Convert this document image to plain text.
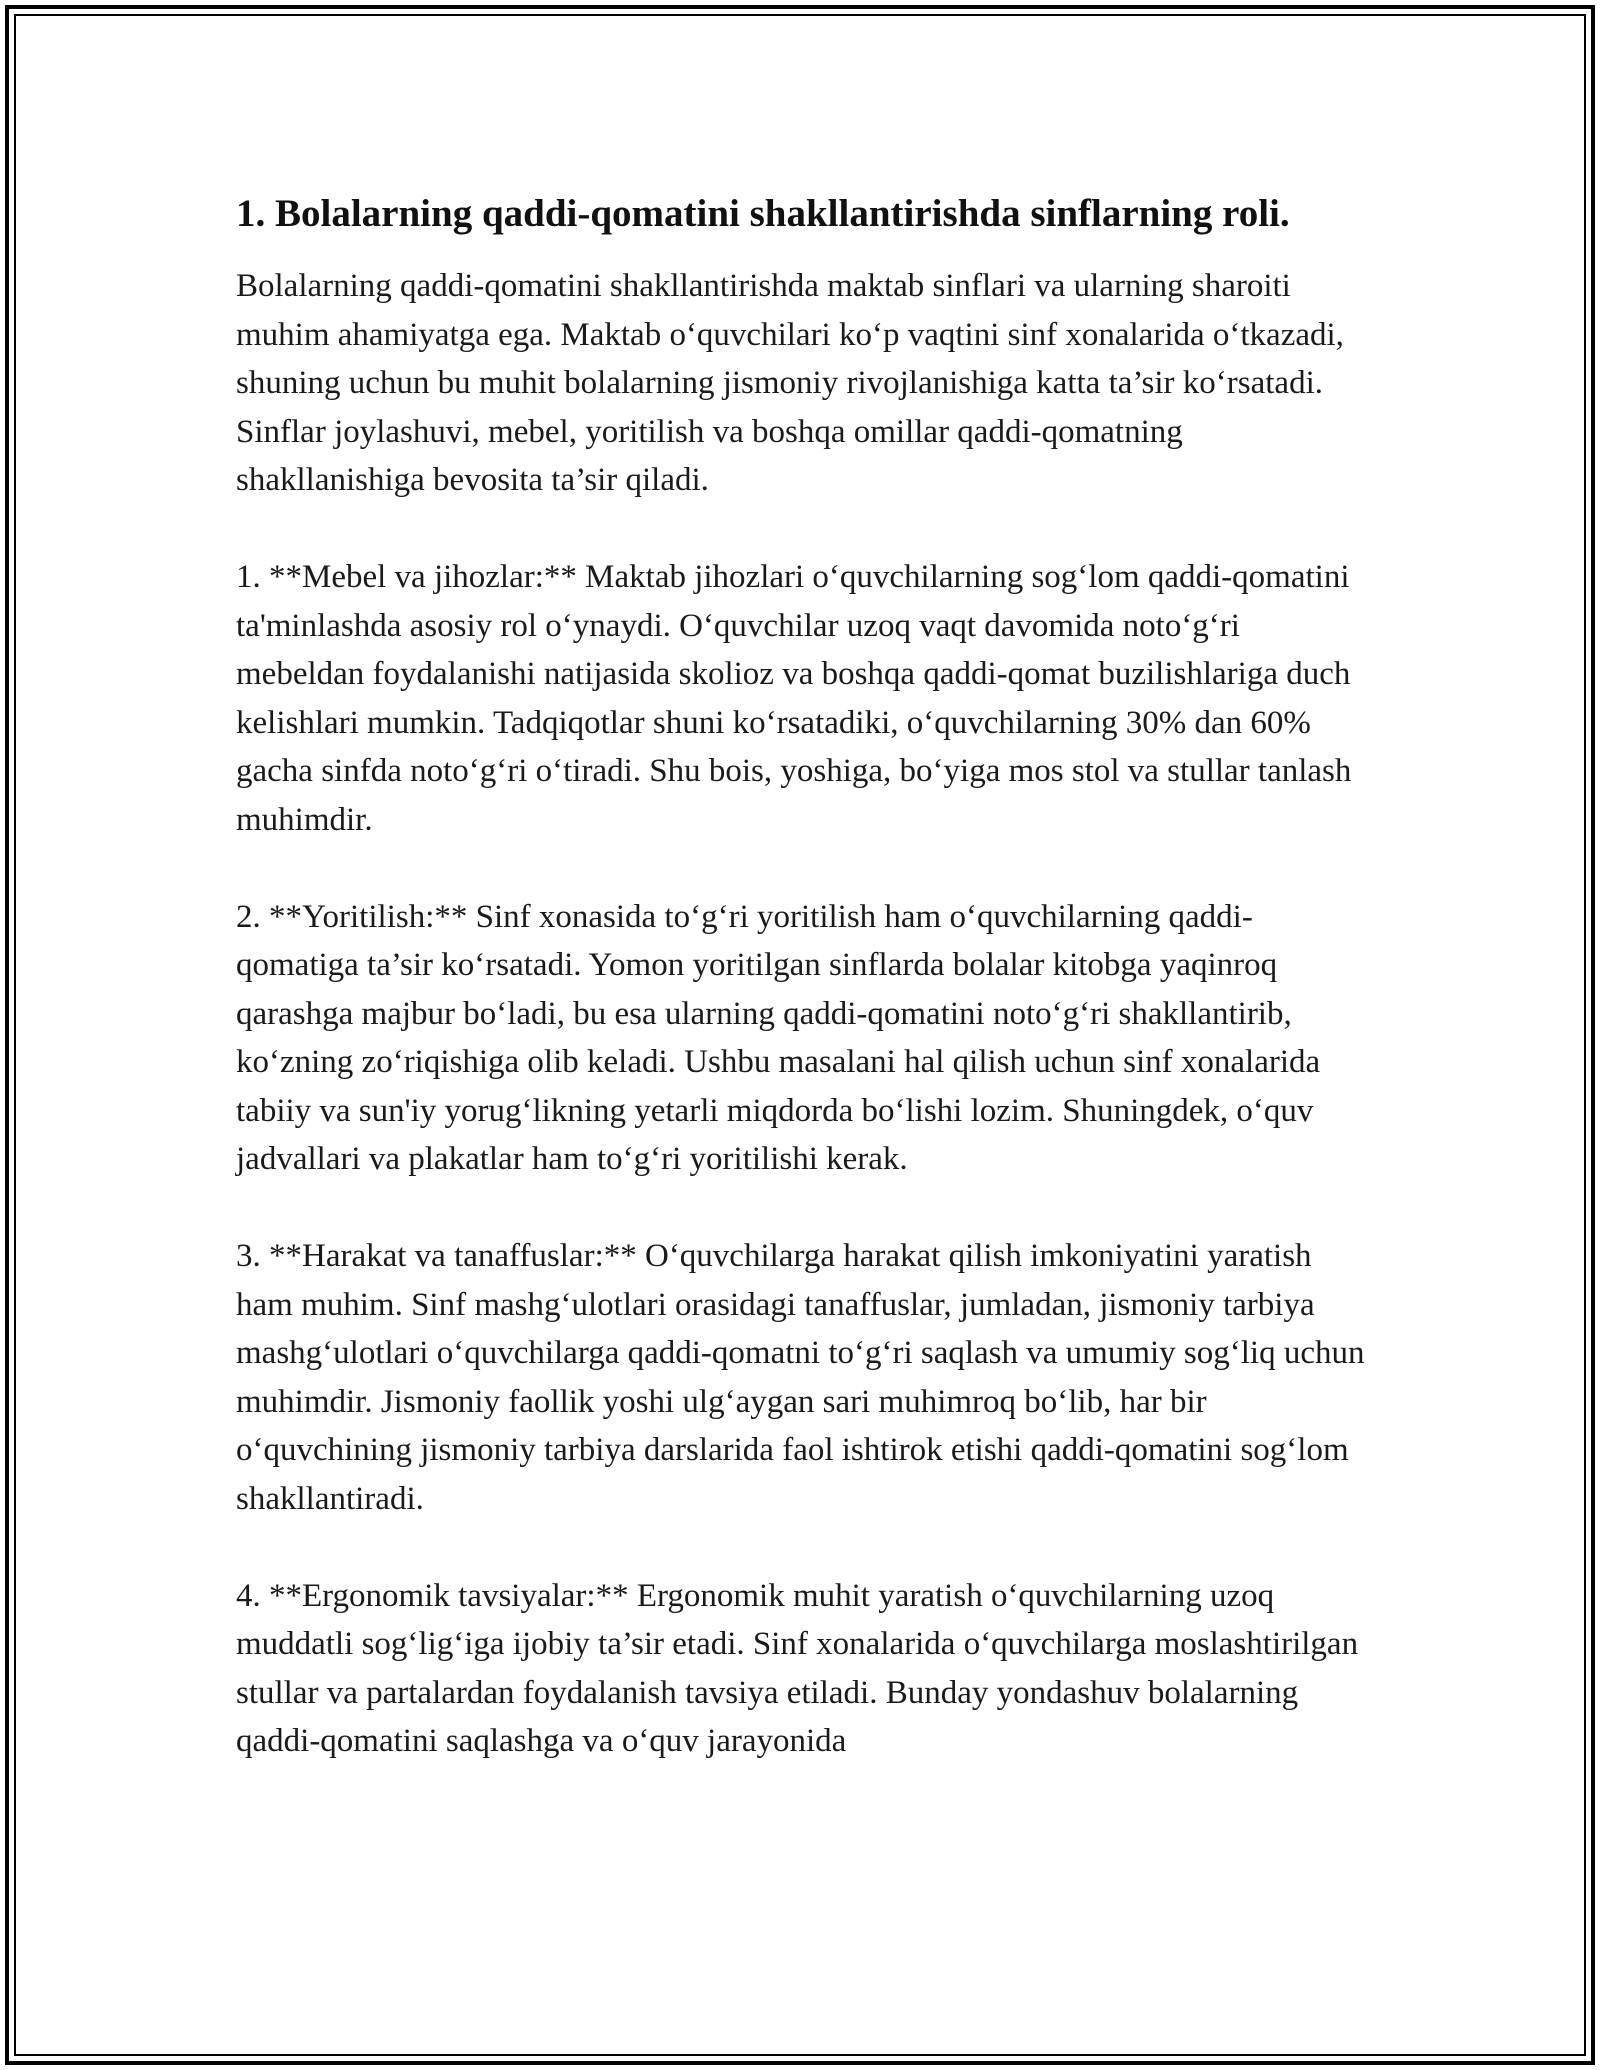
1. Bolalarning qaddi-qomatini shakllantirishda sinflarning roli.

Bolalarning qaddi-qomatini shakllantirishda maktab sinflari va ularning sharoiti muhim ahamiyatga ega. Maktab o‘quvchilari ko‘p vaqtini sinf xonalarida o‘tkazadi, shuning uchun bu muhit bolalarning jismoniy rivojlanishiga katta ta’sir ko‘rsatadi. Sinflar joylashuvi, mebel, yoritilish va boshqa omillar qaddi-qomatning shakllanishiga bevosita ta’sir qiladi.

1. **Mebel va jihozlar:** Maktab jihozlari o‘quvchilarning sog‘lom qaddi-qomatini ta'minlashda asosiy rol o‘ynaydi. O‘quvchilar uzoq vaqt davomida noto‘g‘ri mebeldan foydalanishi natijasida skolioz va boshqa qaddi-qomat buzilishlariga duch kelishlari mumkin. Tadqiqotlar shuni ko‘rsatadiki, o‘quvchilarning 30% dan 60% gacha sinfda noto‘g‘ri o‘tiradi. Shu bois, yoshiga, bo‘yiga mos stol va stullar tanlash muhimdir.

2. **Yoritilish:** Sinf xonasida to‘g‘ri yoritilish ham o‘quvchilarning qaddi-qomatiga ta’sir ko‘rsatadi. Yomon yoritilgan sinflarda bolalar kitobga yaqinroq qarashga majbur bo‘ladi, bu esa ularning qaddi-qomatini noto‘g‘ri shakllantirib, ko‘zning zo‘riqishiga olib keladi. Ushbu masalani hal qilish uchun sinf xonalarida tabiiy va sun'iy yorug‘likning yetarli miqdorda bo‘lishi lozim. Shuningdek, o‘quv jadvallari va plakatlar ham to‘g‘ri yoritilishi kerak.

3. **Harakat va tanaffuslar:** O‘quvchilarga harakat qilish imkoniyatini yaratish ham muhim. Sinf mashg‘ulotlari orasidagi tanaffuslar, jumladan, jismoniy tarbiya mashg‘ulotlari o‘quvchilarga qaddi-qomatni to‘g‘ri saqlash va umumiy sog‘liq uchun muhimdir. Jismoniy faollik yoshi ulg‘aygan sari muhimroq bo‘lib, har bir o‘quvchining jismoniy tarbiya darslarida faol ishtirok etishi qaddi-qomatini sog‘lom shakllantiradi.

4. **Ergonomik tavsiyalar:** Ergonomik muhit yaratish o‘quvchilarning uzoq muddatli sog‘lig‘iga ijobiy ta’sir etadi. Sinf xonalarida o‘quvchilarga moslashtirilgan stullar va partalardan foydalanish tavsiya etiladi. Bunday yondashuv bolalarning qaddi-qomatini saqlashga va o‘quv jarayonida
